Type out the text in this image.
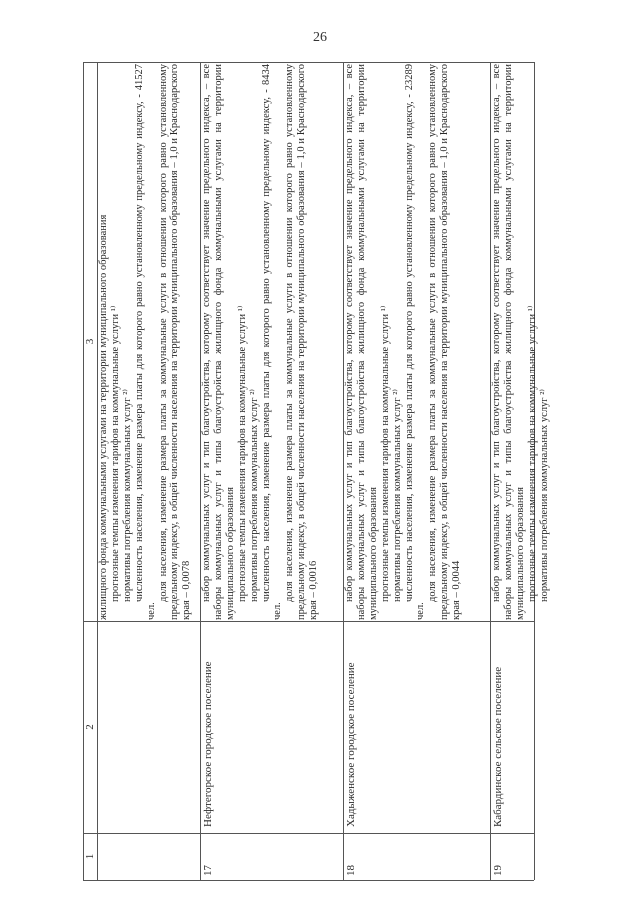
26
1
2
3 жилищного фонда коммунальными услугами на территории муниципального образования прогнозные темпы изменения тарифов на коммунальные услуги ¹⁾ нормативы потребления коммунальных услуг ²⁾ численность населения, изменение размера платы для которого равно установленному предельному индексу, - 41527 чел.

доля населения, изменение размера платы за коммунальные услуги в отношении которого равно установленному предельному индексу, в общей численности населения на территории муниципального образования – 1,0 и Краснодарского края – 0,0078

17
Нефтегорское городское поселение

набор коммунальных услуг и тип благоустройства, которому соответствует значение предельного индекса, – все наборы коммунальных услуг и типы благоустройства жилищного фонда коммунальными услугами на территории муниципального образования прогнозные темпы изменения тарифов на коммунальные услуги ¹⁾ нормативы потребления коммунальных услуг ²⁾ численность населения, изменение размера платы для которого равно установленному предельному индексу, - 8434 чел.

доля населения, изменение размера платы за коммунальные услуги в отношении которого равно установленному предельному индексу, в общей численности населения на территории муниципального образования – 1,0 и Краснодарского края – 0,0016

18
Хадыженское городское поселение

набор коммунальных услуг и тип благоустройства, которому соответствует значение предельного индекса, – все наборы коммунальных услуг и типы благоустройства жилищного фонда коммунальными услугами на территории муниципального образования прогнозные темпы изменения тарифов на коммунальные услуги ¹⁾ нормативы потребления коммунальных услуг ²⁾ численность населения, изменение размера платы для которого равно установленному предельному индексу, - 23289 чел.

доля населения, изменение размера платы за коммунальные услуги в отношении которого равно установленному предельному индексу, в общей численности населения на территории муниципального образования – 1,0 и Краснодарского края – 0,0044

19
Кабардинское сельское поселение

набор коммунальных услуг и тип благоустройства, которому соответствует значение предельного индекса, – все наборы коммунальных услуг и типы благоустройства жилищного фонда коммунальными услугами на территории муниципального образования прогнозные темпы изменения тарифов на коммунальные услуги ¹⁾ нормативы потребления коммунальных услуг ²⁾
